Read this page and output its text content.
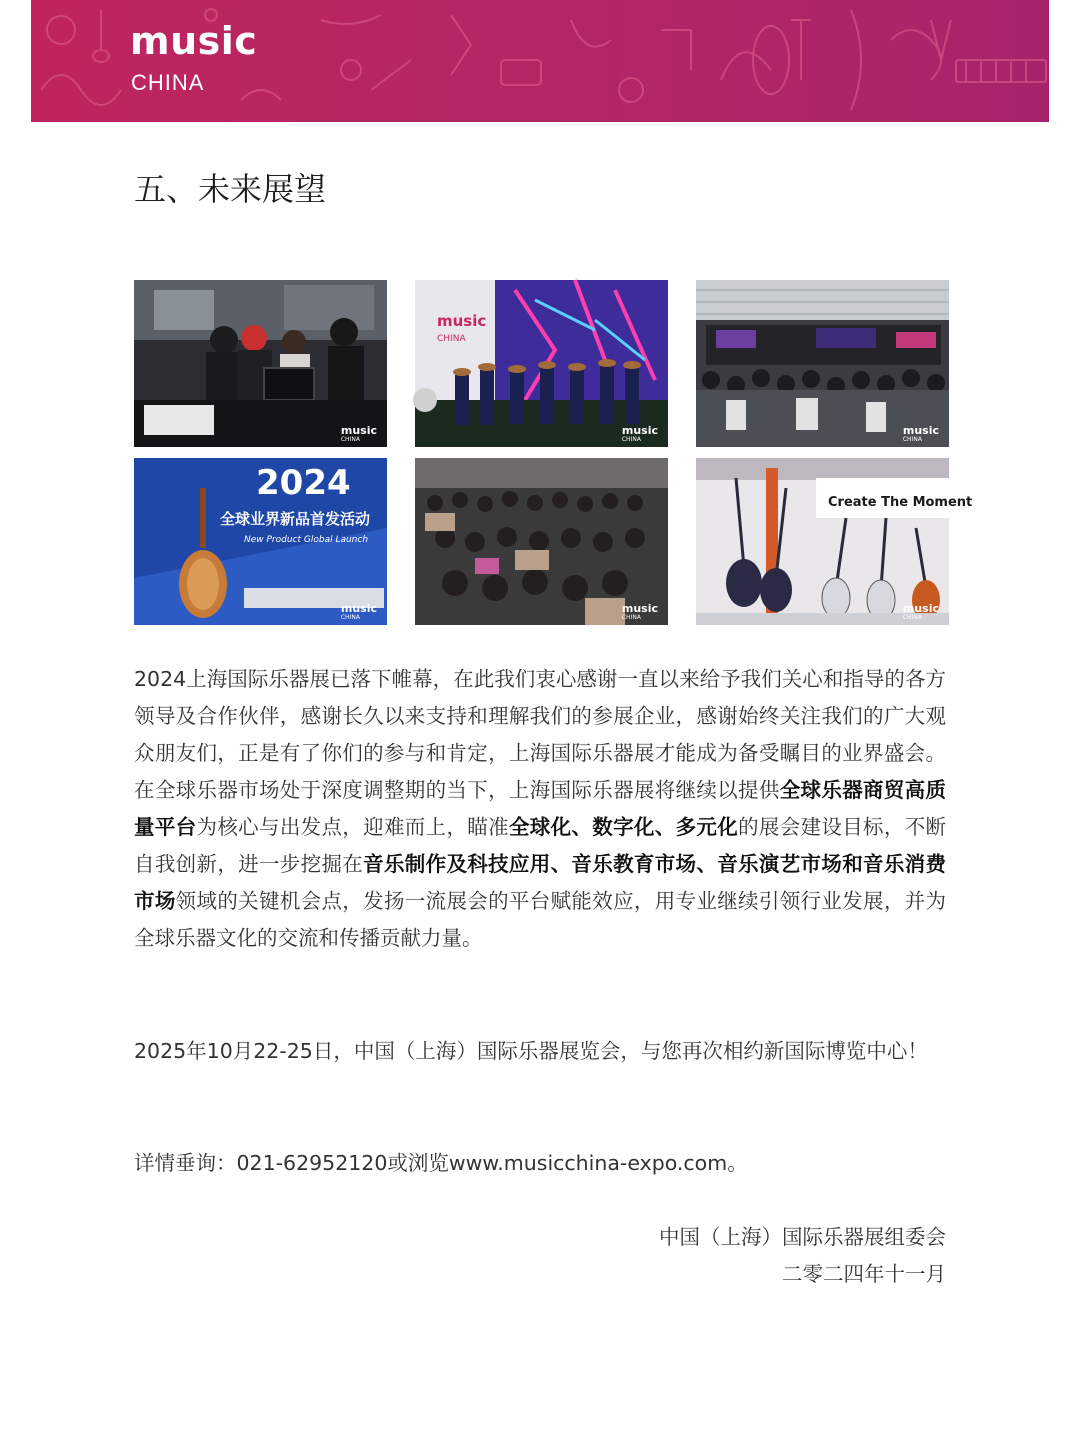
music
CHINA
五、未来展望
music
CHINA
music
CHINA
music
CHINA
music
CHINA
2024
全球业界新品首发活动
New Product Global Launch
music
CHINA
music
CHINA
Create The Moment
music
CHINA

2024上海国际乐器展已落下帷幕，在此我们衷心感谢一直以来给予我们关心和指导的各方领导及合作伙伴，感谢长久以来支持和理解我们的参展企业，感谢始终关注我们的广大观众朋友们，正是有了你们的参与和肯定，上海国际乐器展才能成为备受瞩目的业界盛会。在全球乐器市场处于深度调整期的当下，上海国际乐器展将继续以提供全球乐器商贸高质量平台为核心与出发点，迎难而上，瞄准全球化、数字化、多元化的展会建设目标，不断自我创新，进一步挖掘在音乐制作及科技应用、音乐教育市场、音乐演艺市场和音乐消费市场领域的关键机会点，发扬一流展会的平台赋能效应，用专业继续引领行业发展，并为全球乐器文化的交流和传播贡献力量。

2025年10月22-25日，中国（上海）国际乐器展览会，与您再次相约新国际博览中心！

详情垂询：021-62952120或浏览www.musicchina-expo.com。

中国（上海）国际乐器展组委会
二零二四年十一月
